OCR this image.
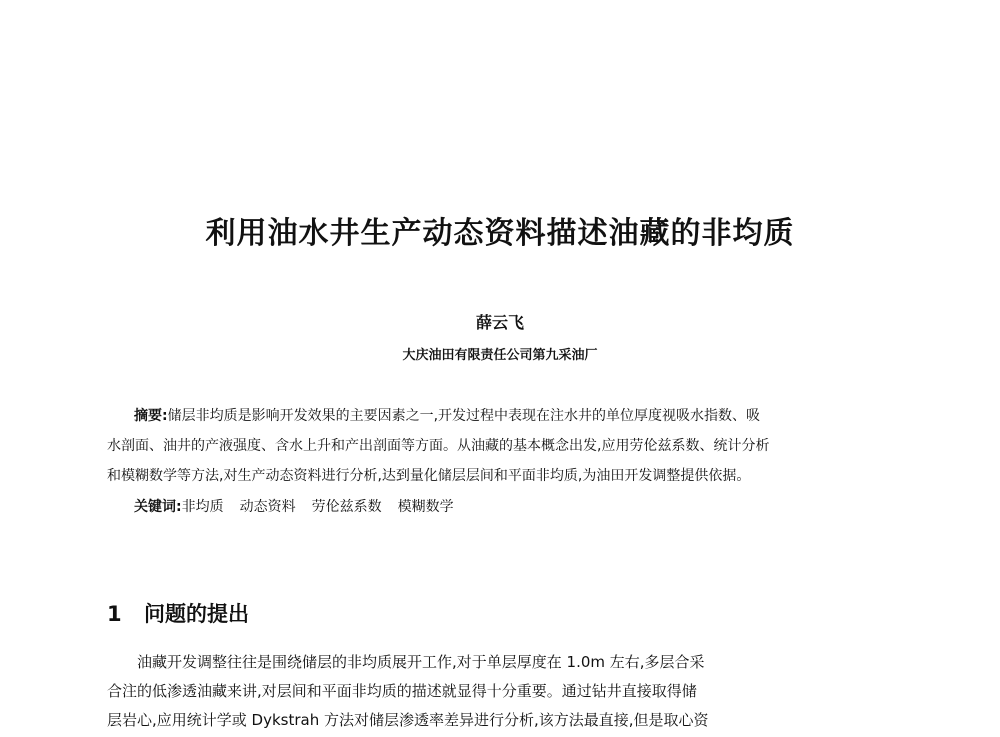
利用油水井生产动态资料描述油藏的非均质
薛云飞
大庆油田有限责任公司第九采油厂
摘要:储层非均质是影响开发效果的主要因素之一,开发过程中表现在注水井的单位厚度视吸水指数、吸
水剖面、油井的产液强度、含水上升和产出剖面等方面。从油藏的基本概念出发,应用劳伦兹系数、统计分析
和模糊数学等方法,对生产动态资料进行分析,达到量化储层层间和平面非均质,为油田开发调整提供依据。
关键词:非均质 动态资料 劳伦兹系数 模糊数学
1 问题的提出
油藏开发调整往往是围绕储层的非均质展开工作,对于单层厚度在 1.0m 左右,多层合采
合注的低渗透油藏来讲,对层间和平面非均质的描述就显得十分重要。通过钻井直接取得储
层岩心,应用统计学或 Dykstrah 方法对储层渗透率差异进行分析,该方法最直接,但是取心资
